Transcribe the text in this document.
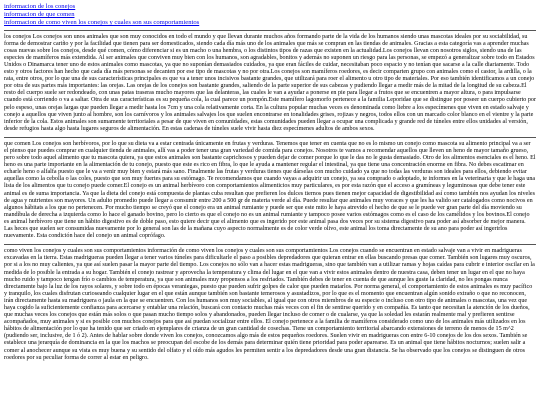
informacion de los conejos
informacion de que comen
informacion de como viven los conejos y cuales son sus comportamientos

los conejos Los conejos son unos animales que son muy conocidos en todo el mundo y que llevan durante muchos años formando parte de la vida de los humanos siendo unas mascotas ideales por su sociabilidad, su forma de demostrar cariño y por la facilidad que tienen para ser domesticados, siendo cada día más uno de los animales que más se compran en las tiendas de animales. Gracias a esta categoría vas a aprender muchas cosas nuevas sobre los conejos, desde qué comen, cómo diferenciar si es un macho o una hembra, o los distintos tipos de razas que existen en la actualidad.Los conejos llevan con nosotros siglos, siendo una de las especies de mamíferos más extendida. Al ser animales que conviven muy bien con los humanos, son agradables, bonitos y además no suponen un riesgo para las personas, se empezó a generalizar sobre todo en Estados Unidos o Dinamarca tener uno de estos animales como mascotas, ya que no suponían demasiados cuidados, ya que eran fáciles de cuidar, necesitaban poco espacio y no tenían que sacarse a la calle diariamente. Todo esto y otros factores han hecho que cada día más personas se decanten por ese tipo de mascotas y no por otra.Los conejos son mamíferos roedores, es decir comparten grupo con animales como el castor, la ardilla, o la rata, entre otros, por lo que una de sus características principales es que va a tener unos incisivos bastante grandes, que utilizará para roer el alimento u otro tipo de materiales. Por eso también identificamos a un conejo por otra de sus partes más importantes: las orejas. Las orejas de los conejos son bastante grandes, saliendo de la parte superior de sus cabezas y pudiendo llegar a medir más de la mitad de la longitud de su cabeza.El resto del cuerpo suele ser redondeado, con unas patas traseras mucho mayores que las delanteras, las cuales le van a ayudar a ponerse en pie para llegar a frutos que se encuentren a mayor altura, o para impulsarse cuando está corriendo o va a saltar. Otra de sus características es su pequeña cola, la cual parece un pompón.Este mamífero lagomorfo pertenece a la familia Leporidae que se distingue por poseer un cuerpo cubierto por pelo espeso, unas orejas largas que pueden llegar a medir hasta los 7cm y una cola relativamente corta. En la cultura popular muchas veces es denominada como liebre a los especímenes que viven en estado salvaje y conejo a aquellos que viven junto al hombre, son los carnívoros y los animales salvajes los que suelen encontrarse en tonalidades grises, rojizas y negros, todos ellos con un marcado color blanco en el vientre y la parte inferior de la cola. Estos animales son sumamente territoriales a pesar de que viven en comunidades, estas comunidades pueden llegar a ocupar una complicada y grande red de túneles entre ellos unidades al versión, desde refugios hasta algo hasta lugares seguros de alimentación. En estas cadenas de túneles suele vivir hasta diez especímenes adultos de ambos sexos.

que comen Los conejos son herbívoros, por lo que su dieta va a estar centrada únicamente en frutas y verduras. Tenemos que tener en cuenta que no es lo mismo un conejo como mascota su alimento principal va a ser el pienso que puedes comprar en cualquier tienda de animales, allí vas a poder tener una gran variedad de comida para conejos. Nosotros te vamos a recomendar aquellos que lleven un heno de mayor tamaño grueso, pero sobre todo aquel alimento que tu mascota quiera, ya que estos animales son bastante caprichosos y pueden dejar de comer porque lo que le das no le gusta demasiado. Otro de los alimentos esenciales es el heno. El heno es una parte importante en la alimentación de tu conejo, puesto que este es rico en fibra, lo que le ayuda a mantener regular el intestinal, ya que tiene una concentración enorme en fibra. No debes escatimar en echarle heno o alfalfa puesto que le va a venir muy bien y estará más sano. Finalmente las frutas y verduras tienes que dárselas con mucho cuidado ya que no todas las verduras son ideales para ellos, debiendo evitar aquellas como la cebolla o las coles, puesto que son muy fuertes para su estómago. Te recomendamos que cuando vayas a adquirir un conejo, ya sea comprado o adoptado, te informes en la veterinaria y que le haga una lista de los alimentos que tu conejo puede comer.El conejo es un animal herbívoro con comportamientos alimenticios muy particulares, es por esta razón que el acceso a gramíneas y leguminosas que debe tener este animal es de suma importancia. Ya que la dieta del conejo está compuesta de plantas cuba resultan que prefieren los dulces tiernos pues tienen mejor capacidad de digestibilidad así como también nos ayudan los niveles de agua y nutrientes son mayores. Un adulto promedio puede llegar a consumir entre 200 a 500 gr de materia verde al día. Puede resultar que animales muy voraces y que les ha valido ser catalogados como nocivos en algunos hábitats a los que no pertenecen. Por mucho tiempo se creyó que el conejo era un animal rumiante y puede ser que este mito le haya atrevido el hecho de que se le puede ver gran parte del día moviendo su mandíbula de derecha a izquierda como lo hace el ganado bovino, pero lo cierto es que el conejo no es un animal rumiante y tampoco posee varios estómagos como es el caso de los camélidos y los bovinos.El conejo es animal herbívoro que tiene un hábito digestivo es de doble paso, esto quiere decir que el alimento que es ingerido por este animal pasa dos veces por su sistema digestivo para poder así absorber de mejor manera. Las heces que suelen ser consumidas nuevamente por lo general son las de la mañana cuyo aspecto normalmente es de color verde olivo, este animal los toma directamente de su ano para poder así ingerirlos nuevamente. Esta condición hace del conejo un animal coprófago.

como viven los conejos y cuales son sus comportamientos información de como viven los conejos y cuales son sus comportamientos Los conejos cuando se encuentran en estado salvaje van a vivir en madrigueras excavadas en la tierra. Estas madrigueras pueden llegar a tener varios túneles para dificultarle el paso a posibles depredadores que quieran entrar en ellas buscando presas que comer. También son lugares muy oscuros, por si a los no muy calientes, ya que así suelen pasar la mayor parte del tiempo. Los conejos no sólo van a hacer estas madrigueras, sino que también van a utilizar ramas y hojas caídas para cubrir e interior oscilar en la medida de lo posible la entrada a su hogar. También el conejo rastrear y aprovecha la temperatura y clima del lugar en el que van a vivir estos animales dentro de nuestra casa, deben tener un lugar en el que no haya mucho ruido y tampoco tengan frío o cambios de temperatura, ya que son animales muy propensos a los resfriados. También debes de tener en cuenta de que aunque les guste la claridad, no les pongas nunca directamente bajo la luz de los rayos solares, y sobre todo en épocas veraniegas, puesto que pueden sufrir golpes de calor que pueden matarlos. Por norma general, el comportamiento de estos animales es muy pacífico y tranquilo, los cuales disfrutan curioseando cualquier lugar en el que están aunque también son bastante temerosos y asustadizos, por lo que es el momento que encuentran algún sonido extraño o que no reconocen, irán directamente hasta su madriguera o jaula en la que se encuentren. Con los humanos son muy sociables, al igual que con otros miembros de su especie o incluso con otro tipo de animales o mascotas, una vez que haya cogido la suficientemente confianza para acercarse y entablar una relación, buscará con contacto muchas más veces con el fin de sentirse querido y en compañía. Es tanto que necesitan la atención de los dueños, que muchas veces los conejos que están más solos o que pasan mucho tiempo solos y abandonados, pueden llegar incluso de comer o de cualarse, ya que la soledad les estarán realmente mal y prefieren sentirse acompañados, muy animales y si es posible con muchos conejos para que así puedan socializar entre ellos. El conejo pertenece a la familia de mamíferos considerado como uno de los animales más utilizados en los hábitos de alimentación por lo que ha tenido que ser criado en ejemplares de crianza de un gran cantidad de cosechas. Tiene un comportamiento territorial abarcando extensiones de terreno de menos de 15 m^2 (pudiendo ser, inclusive, de 1 ó 2). Antes de hablar sobre donde viven los conejos, conozcamos algo más de estos pequeños roedores. Suelen vivir en madrigueras con entre 6-10 conejos de los dos sexos. También se establece una jerarquía de dominancia en la que los machos se preocupan del escobe de los demás para determinar quién tiene prioridad para poder aparearse. Es un animal que tiene hábitos nocturnos; suelen salir a comer al anochecer aunque su vista es muy buena y su sentido del olfato y el oído más agudos les permiten sentir a los depredadores desde una gran distancia. Se ha observado que los conejos se distinguen de otros roedores por su peculiar forma de correr al estar en peligro.
